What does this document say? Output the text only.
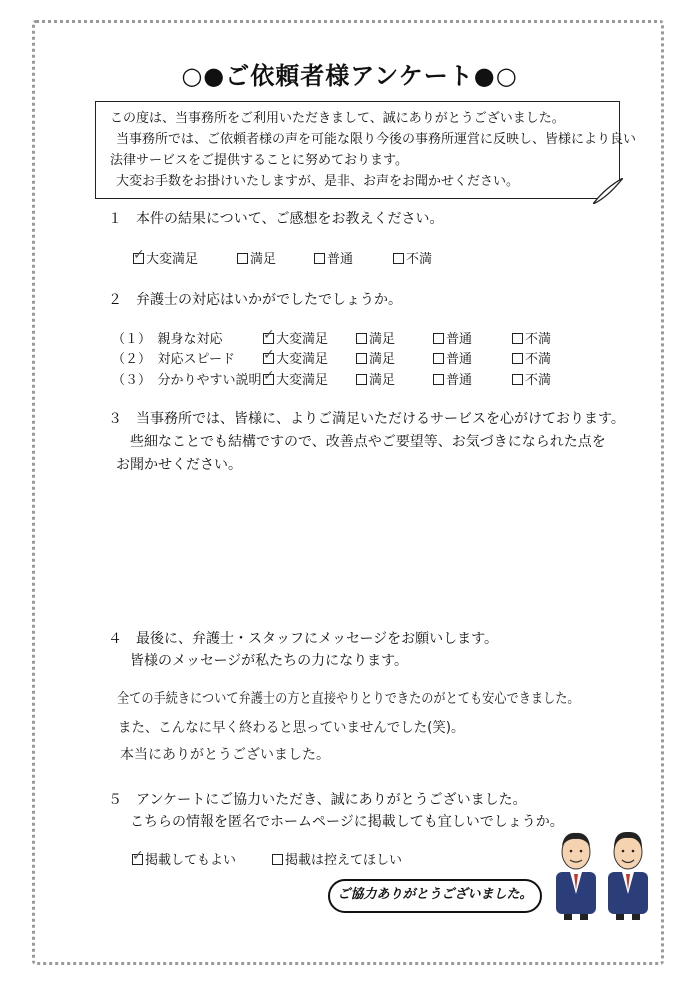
○●ご依頼者様アンケート●○

この度は、当事務所をご利用いただきまして、誠にありがとうございました。

当事務所では、ご依頼者様の声を可能な限り今後の事務所運営に反映し、皆様により良い

法律サービスをご提供することに努めております。

大変お手数をお掛けいたしますが、是非、お声をお聞かせください。

１　本件の結果について、ご感想をお教えください。
✓ 大変満足	満足	普通	不満
２　弁護士の対応はいかがでしたでしょうか。
（１）　親身な対応	✓ 大変満足	満足	普通	不満
（２）　対応スピード ✓ 大変満足	満足	普通	不満
（３）　分かりやすい説明 ✓ 大変満足	満足	普通	不満
３　当事務所では、皆様に、よりご満足いただけるサービスを心がけております。
些細なことでも結構ですので、改善点やご要望等、お気づきになられた点を
お聞かせください。
４　最後に、弁護士・スタッフにメッセージをお願いします。
皆様のメッセージが私たちの力になります。
全ての手続きについて弁護士の方と直接やりとりできたのがとても安心できました。
また、こんなに早く終わると思っていませんでした(笑)。
本当にありがとうございました。
５　アンケートにご協力いただき、誠にありがとうございました。
こちらの情報を匿名でホームページに掲載しても宜しいでしょうか。
✓ 掲載してもよい	掲載は控えてほしい
ご協力ありがとうございました。
